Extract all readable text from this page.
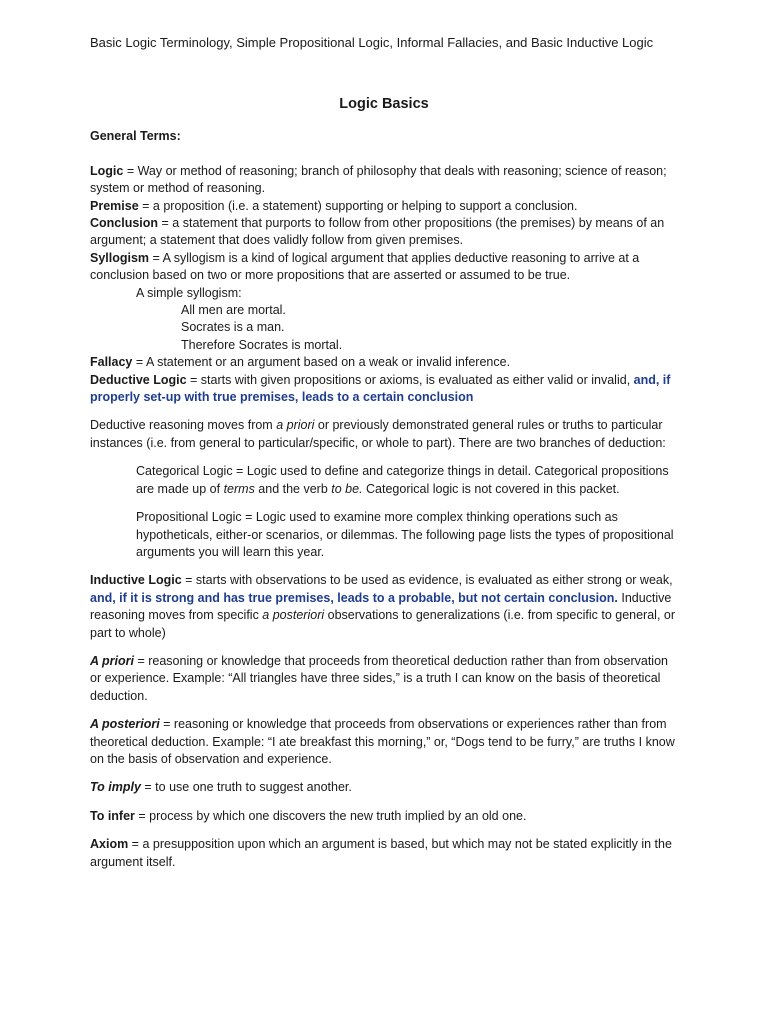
Basic Logic Terminology, Simple Propositional Logic, Informal Fallacies, and Basic Inductive Logic
Logic Basics

General Terms:

Logic = Way or method of reasoning; branch of philosophy that deals with reasoning; science of reason; system or method of reasoning.

Premise = a proposition (i.e. a statement) supporting or helping to support a conclusion.

Conclusion = a statement that purports to follow from other propositions (the premises) by means of an argument; a statement that does validly follow from given premises.

Syllogism = A syllogism is a kind of logical argument that applies deductive reasoning to arrive at a conclusion based on two or more propositions that are asserted or assumed to be true.

A simple syllogism:

All men are mortal.

Socrates is a man.

Therefore Socrates is mortal.

Fallacy = A statement or an argument based on a weak or invalid inference.

Deductive Logic = starts with given propositions or axioms, is evaluated as either valid or invalid, and, if properly set-up with true premises, leads to a certain conclusion

Deductive reasoning moves from a priori or previously demonstrated general rules or truths to particular instances (i.e. from general to particular/specific, or whole to part). There are two branches of deduction:

Categorical Logic = Logic used to define and categorize things in detail. Categorical propositions are made up of terms and the verb to be. Categorical logic is not covered in this packet.

Propositional Logic = Logic used to examine more complex thinking operations such as hypotheticals, either-or scenarios, or dilemmas. The following page lists the types of propositional arguments you will learn this year.

Inductive Logic = starts with observations to be used as evidence, is evaluated as either strong or weak, and, if it is strong and has true premises, leads to a probable, but not certain conclusion. Inductive reasoning moves from specific a posteriori observations to generalizations (i.e. from specific to general, or part to whole)

A priori = reasoning or knowledge that proceeds from theoretical deduction rather than from observation or experience. Example: “All triangles have three sides,” is a truth I can know on the basis of theoretical deduction.

A posteriori = reasoning or knowledge that proceeds from observations or experiences rather than from theoretical deduction. Example: “I ate breakfast this morning,” or, “Dogs tend to be furry,” are truths I know on the basis of observation and experience.

To imply = to use one truth to suggest another.

To infer = process by which one discovers the new truth implied by an old one.

Axiom = a presupposition upon which an argument is based, but which may not be stated explicitly in the argument itself.
